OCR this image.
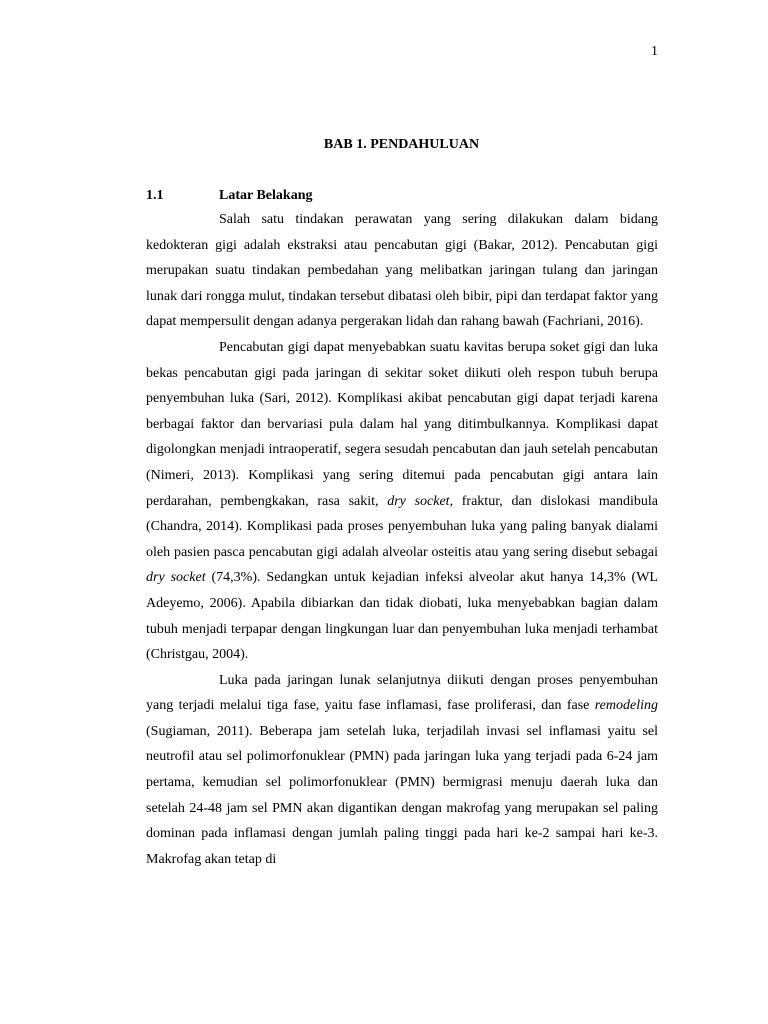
1
BAB 1. PENDAHULUAN
1.1	Latar Belakang

Salah satu tindakan perawatan yang sering dilakukan dalam bidang kedokteran gigi adalah ekstraksi atau pencabutan gigi (Bakar, 2012). Pencabutan gigi merupakan suatu tindakan pembedahan yang melibatkan jaringan tulang dan jaringan lunak dari rongga mulut, tindakan tersebut dibatasi oleh bibir, pipi dan terdapat faktor yang dapat mempersulit dengan adanya pergerakan lidah dan rahang bawah (Fachriani, 2016).

Pencabutan gigi dapat menyebabkan suatu kavitas berupa soket gigi dan luka bekas pencabutan gigi pada jaringan di sekitar soket diikuti oleh respon tubuh berupa penyembuhan luka (Sari, 2012). Komplikasi akibat pencabutan gigi dapat terjadi karena berbagai faktor dan bervariasi pula dalam hal yang ditimbulkannya. Komplikasi dapat digolongkan menjadi intraoperatif, segera sesudah pencabutan dan jauh setelah pencabutan (Nimeri, 2013). Komplikasi yang sering ditemui pada pencabutan gigi antara lain perdarahan, pembengkakan, rasa sakit, dry socket, fraktur, dan dislokasi mandibula (Chandra, 2014). Komplikasi pada proses penyembuhan luka yang paling banyak dialami oleh pasien pasca pencabutan gigi adalah alveolar osteitis atau yang sering disebut sebagai dry socket (74,3%). Sedangkan untuk kejadian infeksi alveolar akut hanya 14,3% (WL Adeyemo, 2006). Apabila dibiarkan dan tidak diobati, luka menyebabkan bagian dalam tubuh menjadi terpapar dengan lingkungan luar dan penyembuhan luka menjadi terhambat (Christgau, 2004).

Luka pada jaringan lunak selanjutnya diikuti dengan proses penyembuhan yang terjadi melalui tiga fase, yaitu fase inflamasi, fase proliferasi, dan fase remodeling (Sugiaman, 2011). Beberapa jam setelah luka, terjadilah invasi sel inflamasi yaitu sel neutrofil atau sel polimorfonuklear (PMN) pada jaringan luka yang terjadi pada 6-24 jam pertama, kemudian sel polimorfonuklear (PMN) bermigrasi menuju daerah luka dan setelah 24-48 jam sel PMN akan digantikan dengan makrofag yang merupakan sel paling dominan pada inflamasi dengan jumlah paling tinggi pada hari ke-2 sampai hari ke-3. Makrofag akan tetap di
